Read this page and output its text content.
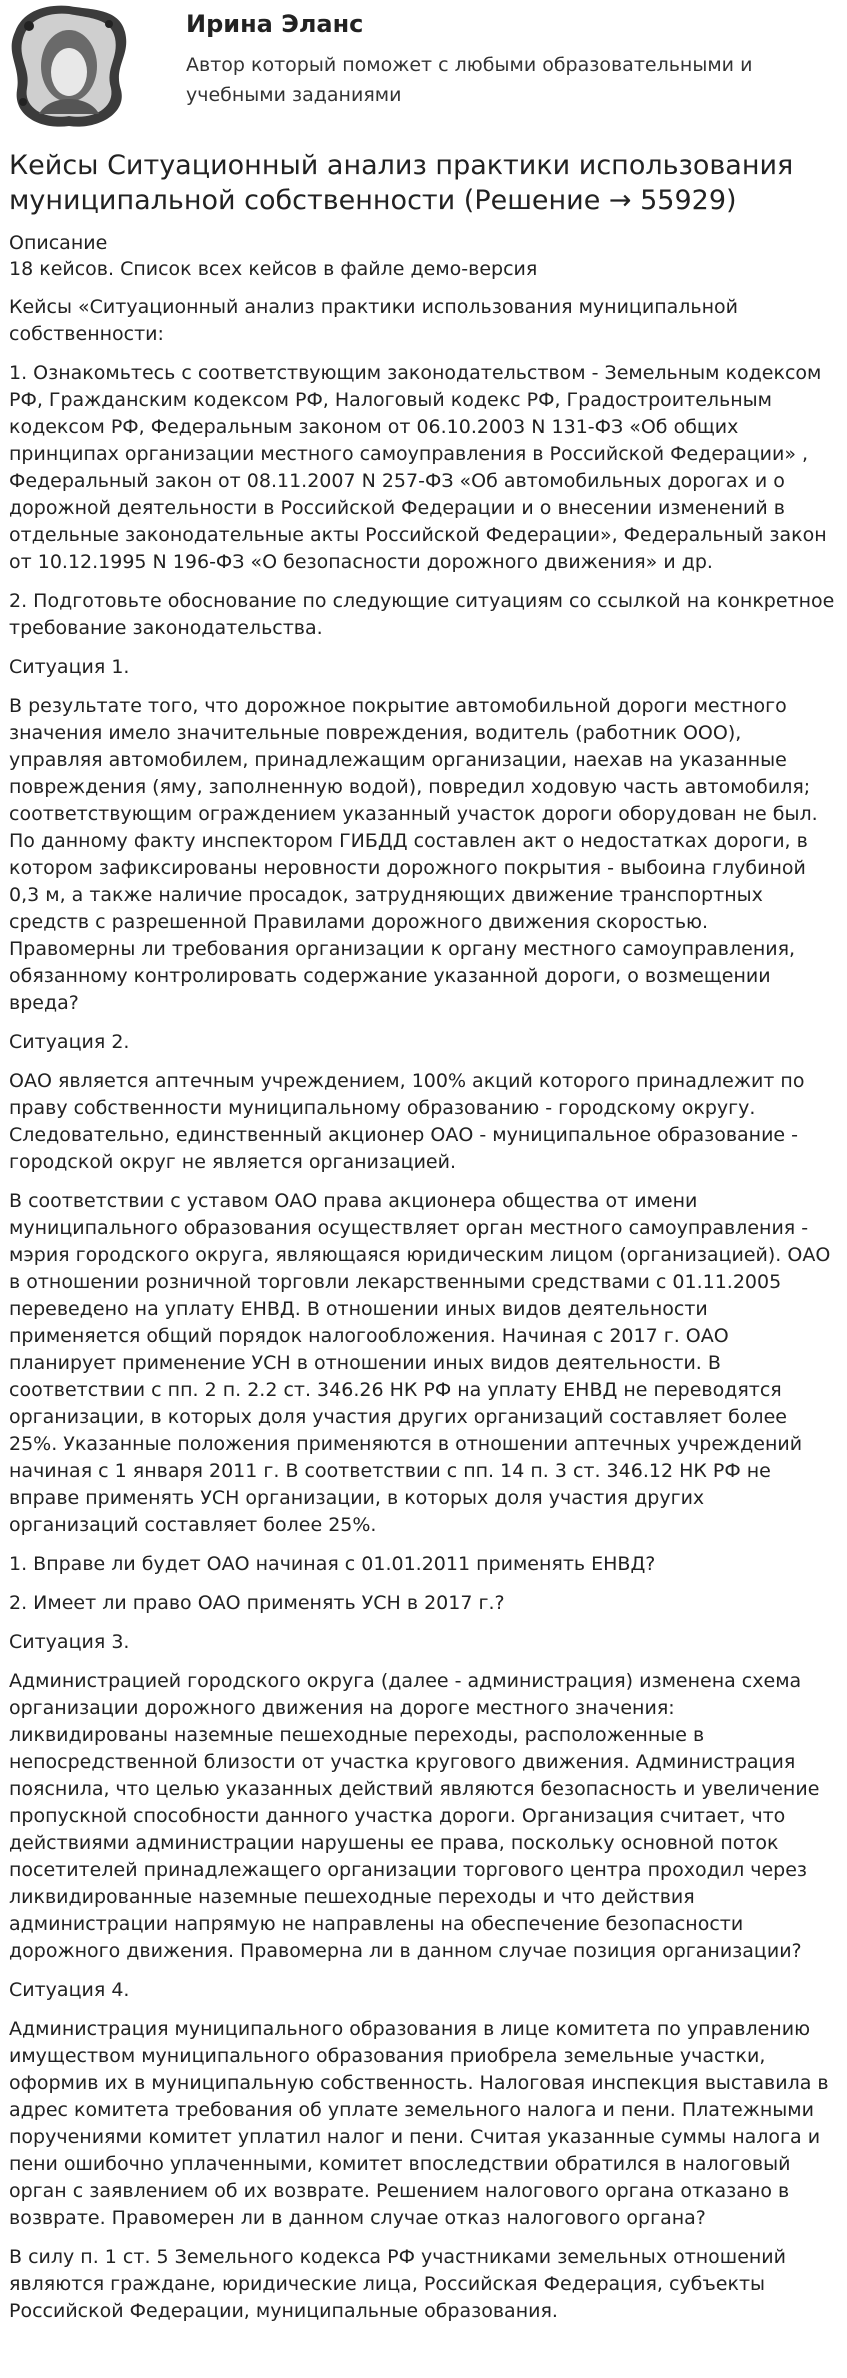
Ирина Эланс
Автор который поможет с любыми образовательными и учебными заданиями
Кейсы Ситуационный анализ практики использования муниципальной собственности (Решение → 55929)
Описание
18 кейсов. Список всех кейсов в файле демо-версия

Кейсы «Ситуационный анализ практики использования муниципальной собственности:

1. Ознакомьтесь с соответствующим законодательством - Земельным кодексом РФ, Гражданским кодексом РФ, Налоговый кодекс РФ, Градостроительным кодексом РФ, Федеральным законом от 06.10.2003 N 131-ФЗ «Об общих принципах организации местного самоуправления в Российской Федерации» , Федеральный закон от 08.11.2007 N 257-ФЗ «Об автомобильных дорогах и о дорожной деятельности в Российской Федерации и о внесении изменений в отдельные законодательные акты Российской Федерации», Федеральный закон от 10.12.1995 N 196-ФЗ «О безопасности дорожного движения» и др.

2. Подготовьте обоснование по следующие ситуациям со ссылкой на конкретное требование законодательства.

Ситуация 1.

В результате того, что дорожное покрытие автомобильной дороги местного значения имело значительные повреждения, водитель (работник ООО), управляя автомобилем, принадлежащим организации, наехав на указанные повреждения (яму, заполненную водой), повредил ходовую часть автомобиля; соответствующим ограждением указанный участок дороги оборудован не был. По данному факту инспектором ГИБДД составлен акт о недостатках дороги, в котором зафиксированы неровности дорожного покрытия - выбоина глубиной 0,3 м, а также наличие просадок, затрудняющих движение транспортных средств с разрешенной Правилами дорожного движения скоростью. Правомерны ли требования организации к органу местного самоуправления, обязанному контролировать содержание указанной дороги, о возмещении вреда?

Ситуация 2.

ОАО является аптечным учреждением, 100% акций которого принадлежит по праву собственности муниципальному образованию - городскому округу. Следовательно, единственный акционер ОАО - муниципальное образование - городской округ не является организацией.

В соответствии с уставом ОАО права акционера общества от имени муниципального образования осуществляет орган местного самоуправления - мэрия городского округа, являющаяся юридическим лицом (организацией). ОАО в отношении розничной торговли лекарственными средствами с 01.11.2005 переведено на уплату ЕНВД. В отношении иных видов деятельности применяется общий порядок налогообложения. Начиная с 2017 г. ОАО планирует применение УСН в отношении иных видов деятельности. В соответствии с пп. 2 п. 2.2 ст. 346.26 НК РФ на уплату ЕНВД не переводятся организации, в которых доля участия других организаций составляет более 25%. Указанные положения применяются в отношении аптечных учреждений начиная с 1 января 2011 г. В соответствии с пп. 14 п. 3 ст. 346.12 НК РФ не вправе применять УСН организации, в которых доля участия других организаций составляет более 25%.

1. Вправе ли будет ОАО начиная с 01.01.2011 применять ЕНВД?

2. Имеет ли право ОАО применять УСН в 2017 г.?

Ситуация 3.

Администрацией городского округа (далее - администрация) изменена схема организации дорожного движения на дороге местного значения: ликвидированы наземные пешеходные переходы, расположенные в непосредственной близости от участка кругового движения. Администрация пояснила, что целью указанных действий являются безопасность и увеличение пропускной способности данного участка дороги. Организация считает, что действиями администрации нарушены ее права, поскольку основной поток посетителей принадлежащего организации торгового центра проходил через ликвидированные наземные пешеходные переходы и что действия администрации напрямую не направлены на обеспечение безопасности дорожного движения. Правомерна ли в данном случае позиция организации?

Ситуация 4.

Администрация муниципального образования в лице комитета по управлению имуществом муниципального образования приобрела земельные участки, оформив их в муниципальную собственность. Налоговая инспекция выставила в адрес комитета требования об уплате земельного налога и пени. Платежными поручениями комитет уплатил налог и пени. Считая указанные суммы налога и пени ошибочно уплаченными, комитет впоследствии обратился в налоговый орган с заявлением об их возврате. Решением налогового органа отказано в возврате. Правомерен ли в данном случае отказ налогового органа?

В силу п. 1 ст. 5 Земельного кодекса РФ участниками земельных отношений являются граждане, юридические лица, Российская Федерация, субъекты Российской Федерации, муниципальные образования.
